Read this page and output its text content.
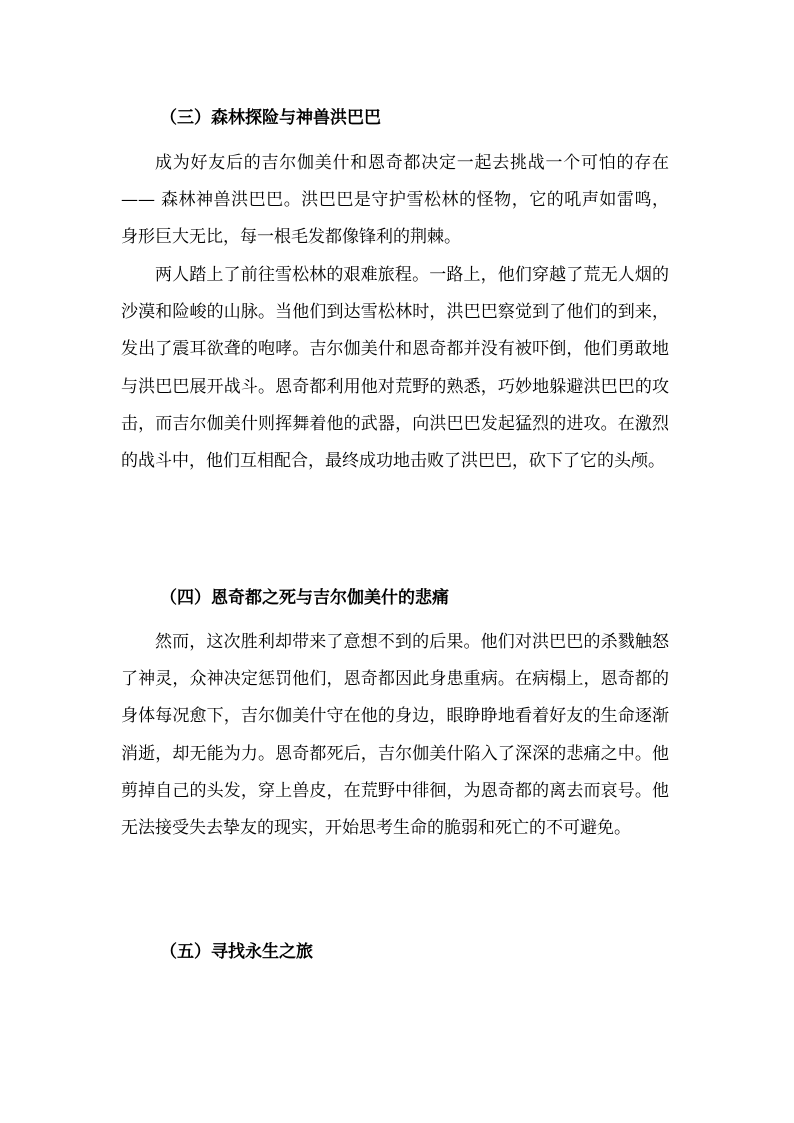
（三）森林探险与神兽洪巴巴

成为好友后的吉尔伽美什和恩奇都决定一起去挑战一个可怕的存在 —— 森林神兽洪巴巴。洪巴巴是守护雪松林的怪物，它的吼声如雷鸣，身形巨大无比，每一根毛发都像锋利的荆棘。

两人踏上了前往雪松林的艰难旅程。一路上，他们穿越了荒无人烟的沙漠和险峻的山脉。当他们到达雪松林时，洪巴巴察觉到了他们的到来，发出了震耳欲聋的咆哮。吉尔伽美什和恩奇都并没有被吓倒，他们勇敢地与洪巴巴展开战斗。恩奇都利用他对荒野的熟悉，巧妙地躲避洪巴巴的攻击，而吉尔伽美什则挥舞着他的武器，向洪巴巴发起猛烈的进攻。在激烈的战斗中，他们互相配合，最终成功地击败了洪巴巴，砍下了它的头颅。

（四）恩奇都之死与吉尔伽美什的悲痛

然而，这次胜利却带来了意想不到的后果。他们对洪巴巴的杀戮触怒了神灵，众神决定惩罚他们，恩奇都因此身患重病。在病榻上，恩奇都的身体每况愈下，吉尔伽美什守在他的身边，眼睁睁地看着好友的生命逐渐消逝，却无能为力。恩奇都死后，吉尔伽美什陷入了深深的悲痛之中。他剪掉自己的头发，穿上兽皮，在荒野中徘徊，为恩奇都的离去而哀号。他无法接受失去挚友的现实，开始思考生命的脆弱和死亡的不可避免。

（五）寻找永生之旅
